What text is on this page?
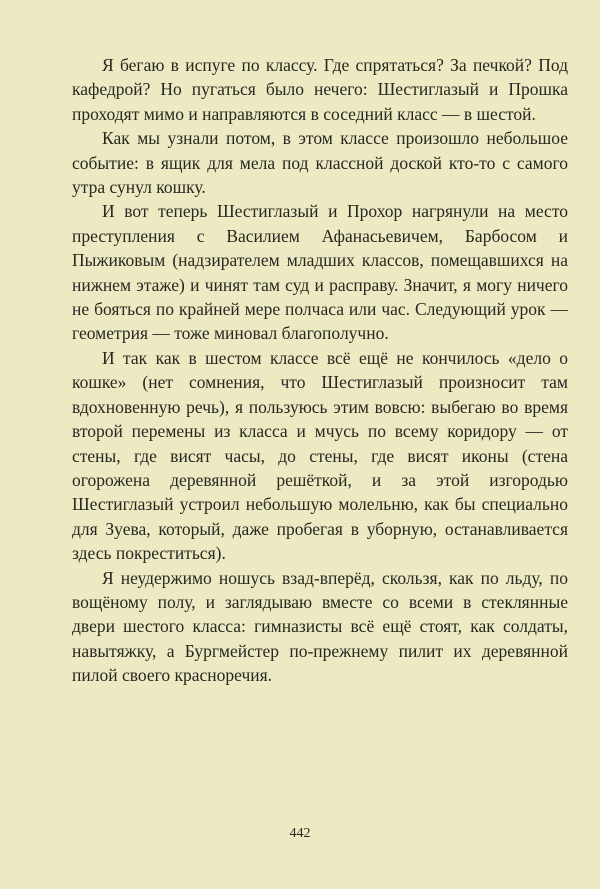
Я бегаю в испуге по классу. Где спрятаться? За печкой? Под кафедрой? Но пугаться было нечего: Шестиглазый и Прошка проходят мимо и направляются в соседний класс — в шестой.

Как мы узнали потом, в этом классе произошло небольшое событие: в ящик для мела под классной доской кто-то с самого утра сунул кошку.

И вот теперь Шестиглазый и Прохор нагрянули на место преступления с Василием Афанасьевичем, Барбосом и Пыжиковым (надзирателем младших классов, помещавшихся на нижнем этаже) и чинят там суд и расправу. Значит, я могу ничего не бояться по крайней мере полчаса или час. Следующий урок — геометрия — тоже миновал благополучно.

И так как в шестом классе всё ещё не кончилось «дело о кошке» (нет сомнения, что Шестиглазый произносит там вдохновенную речь), я пользуюсь этим вовсю: выбегаю во время второй перемены из класса и мчусь по всему коридору — от стены, где висят часы, до стены, где висят иконы (стена огорожена деревянной решёткой, и за этой изгородью Шестиглазый устроил небольшую молельню, как бы специально для Зуева, который, даже пробегая в уборную, останавливается здесь покреститься).

Я неудержимо ношусь взад-вперёд, скользя, как по льду, по вощёному полу, и заглядываю вместе со всеми в стеклянные двери шестого класса: гимназисты всё ещё стоят, как солдаты, навытяжку, а Бургмейстер по-прежнему пилит их деревянной пилой своего красноречия.

442
